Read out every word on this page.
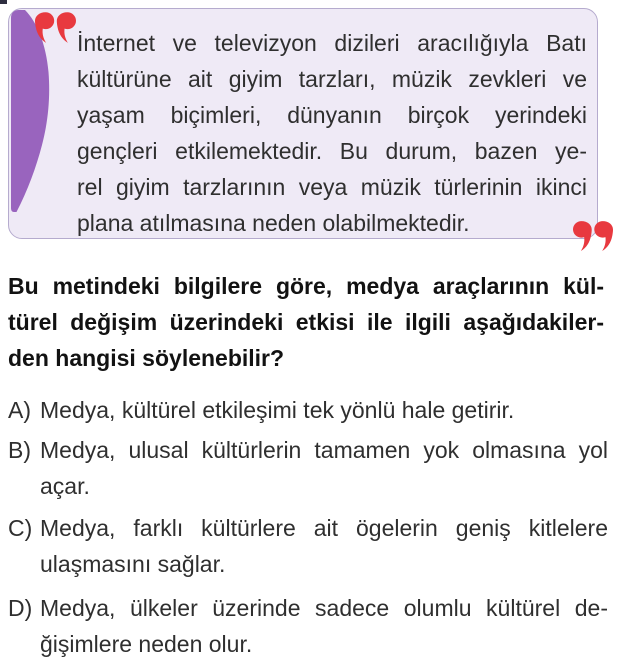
İnternet ve televizyon dizileri aracılığıyla Batı
kültürüne ait giyim tarzları, müzik zevkleri ve
yaşam biçimleri, dünyanın birçok yerindeki
gençleri etkilemektedir. Bu durum, bazen ye-
rel giyim tarzlarının veya müzik türlerinin ikinci
plana atılmasına neden olabilmektedir.
Bu metindeki bilgilere göre, medya araçlarının kül-
türel değişim üzerindeki etkisi ile ilgili aşağıdakiler-
den hangisi söylenebilir?
A) Medya, kültürel etkileşimi tek yönlü hale getirir.
B) Medya, ulusal kültürlerin tamamen yok olmasına yol
açar.
C) Medya, farklı kültürlere ait ögelerin geniş kitlelere
ulaşmasını sağlar.
D) Medya, ülkeler üzerinde sadece olumlu kültürel de-
ğişimlere neden olur.
